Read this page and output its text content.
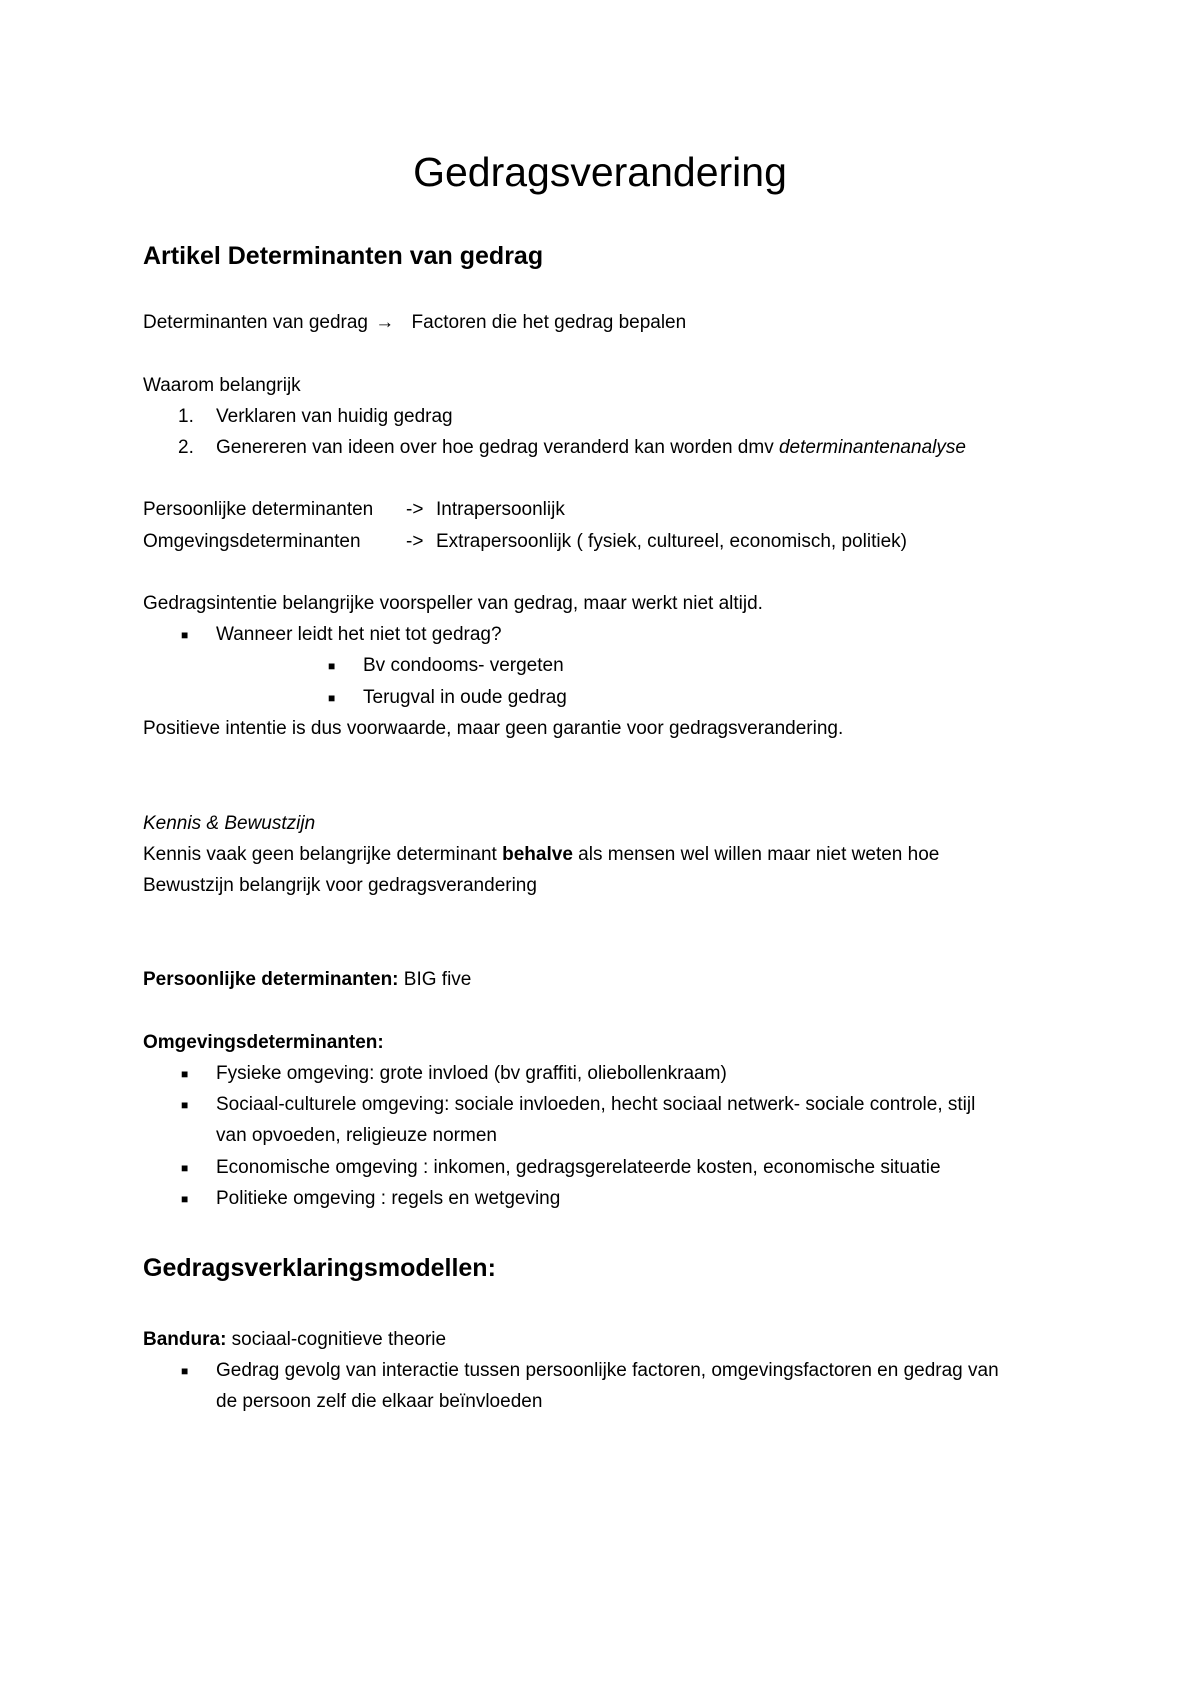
Gedragsverandering
Artikel Determinanten van gedrag
Determinanten van gedrag → Factoren die het gedrag bepalen
Waarom belangrijk
1. Verklaren van huidig gedrag
2. Genereren van ideen over hoe gedrag veranderd kan worden dmv determinantenanalyse
Persoonlijke determinanten -> Intrapersoonlijk
Omgevingsdeterminanten -> Extrapersoonlijk ( fysiek, cultureel, economisch, politiek)
Gedragsintentie belangrijke voorspeller van gedrag, maar werkt niet altijd.
■ Wanneer leidt het niet tot gedrag?
■ Bv condooms- vergeten
■ Terugval in oude gedrag
Positieve intentie is dus voorwaarde, maar geen garantie voor gedragsverandering.
Kennis & Bewustzijn
Kennis vaak geen belangrijke determinant behalve als mensen wel willen maar niet weten hoe
Bewustzijn belangrijk voor gedragsverandering
Persoonlijke determinanten: BIG five
Omgevingsdeterminanten:
■ Fysieke omgeving: grote invloed (bv graffiti, oliebollenkraam)
■ Sociaal-culturele omgeving: sociale invloeden, hecht sociaal netwerk- sociale controle, stijl
van opvoeden, religieuze normen
■ Economische omgeving : inkomen, gedragsgerelateerde kosten, economische situatie
■ Politieke omgeving : regels en wetgeving
Gedragsverklaringsmodellen:
Bandura: sociaal-cognitieve theorie
■ Gedrag gevolg van interactie tussen persoonlijke factoren, omgevingsfactoren en gedrag van
de persoon zelf die elkaar beïnvloeden
